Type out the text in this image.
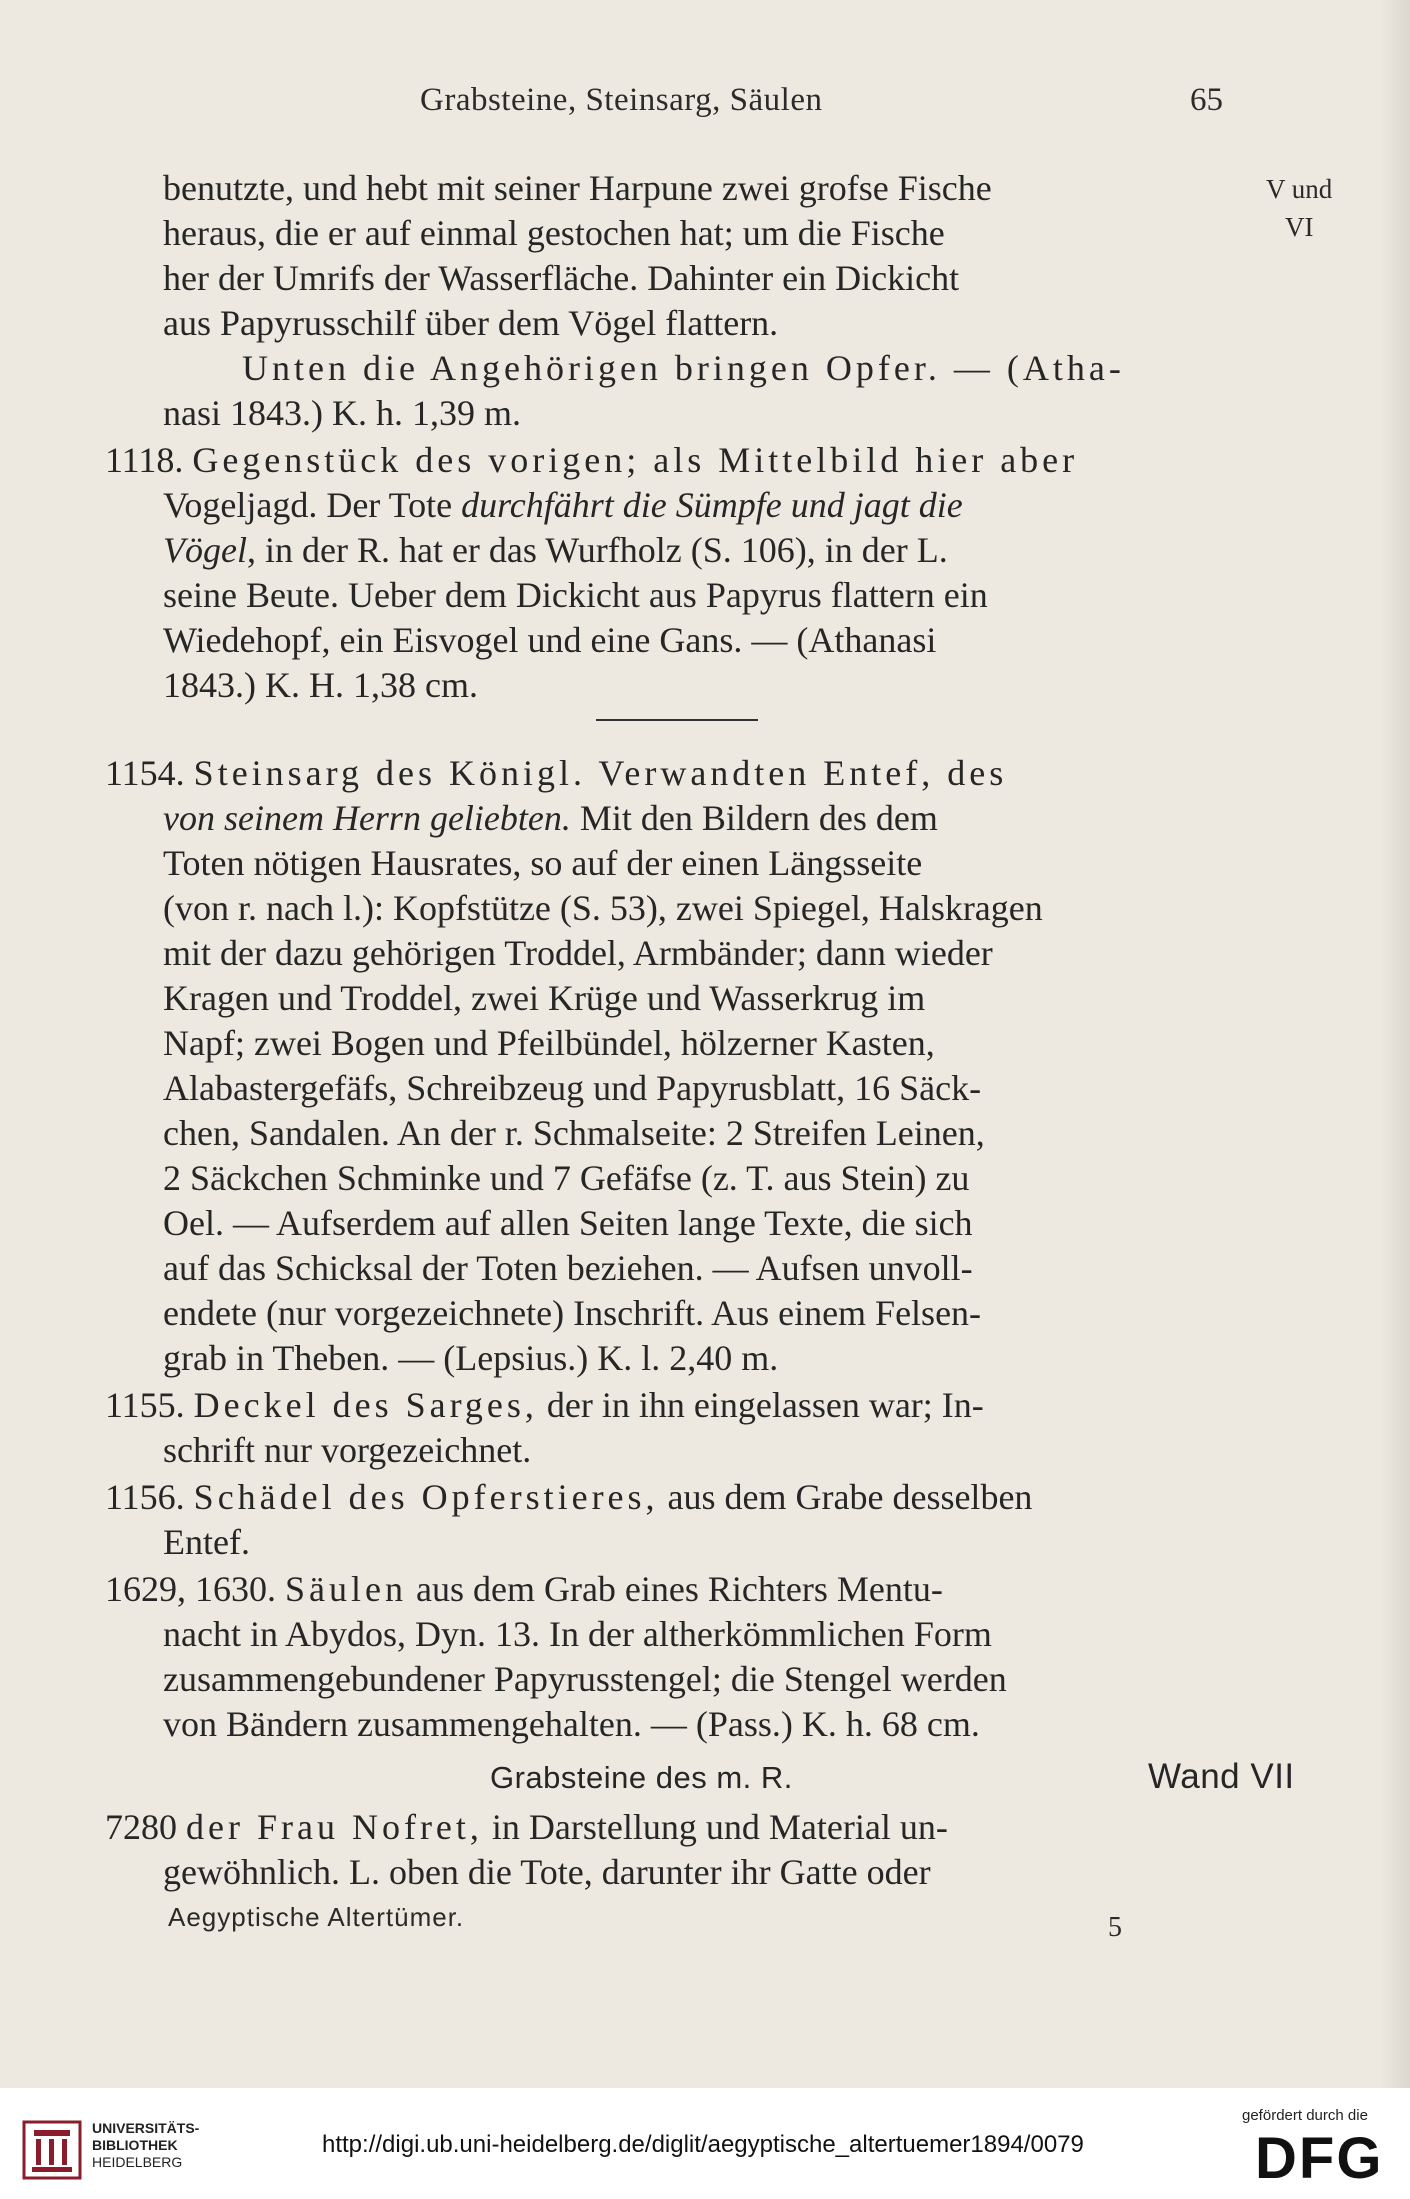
Grabsteine, Steinsarg, Säulen	65
V und
VI
benutzte, und hebt mit seiner Harpune zwei grofse Fische
heraus, die er auf einmal gestochen hat; um die Fische
her der Umrifs der Wasserfläche. Dahinter ein Dickicht
aus Papyrusschilf über dem Vögel flattern.
Unten die Angehörigen bringen Opfer. — (Atha-
nasi 1843.) K. h. 1,39 m.
1118. Gegenstück des vorigen; als Mittelbild hier aber
Vogeljagd. Der Tote durchfährt die Sümpfe und jagt die
Vögel, in der R. hat er das Wurfholz (S. 106), in der L.
seine Beute. Ueber dem Dickicht aus Papyrus flattern ein
Wiedehopf, ein Eisvogel und eine Gans. — (Athanasi
1843.) K. H. 1,38 cm.
1154. Steinsarg des Königl. Verwandten Entef, des
von seinem Herrn geliebten. Mit den Bildern des dem
Toten nötigen Hausrates, so auf der einen Längsseite
(von r. nach l.): Kopfstütze (S. 53), zwei Spiegel, Halskragen
mit der dazu gehörigen Troddel, Armbänder; dann wieder
Kragen und Troddel, zwei Krüge und Wasserkrug im
Napf; zwei Bogen und Pfeilbündel, hölzerner Kasten,
Alabastergefäfs, Schreibzeug und Papyrusblatt, 16 Säck-
chen, Sandalen. An der r. Schmalseite: 2 Streifen Leinen,
2 Säckchen Schminke und 7 Gefäfse (z. T. aus Stein) zu
Oel. — Aufserdem auf allen Seiten lange Texte, die sich
auf das Schicksal der Toten beziehen. — Aufsen unvoll-
endete (nur vorgezeichnete) Inschrift. Aus einem Felsen-
grab in Theben. — (Lepsius.) K. l. 2,40 m.
1155. Deckel des Sarges, der in ihn eingelassen war; In-
schrift nur vorgezeichnet.
1156. Schädel des Opferstieres, aus dem Grabe desselben
Entef.
1629, 1630. Säulen aus dem Grab eines Richters Mentu-
nacht in Abydos, Dyn. 13. In der altherkömmlichen Form
zusammengebundener Papyrusstengel; die Stengel werden
von Bändern zusammengehalten. — (Pass.) K. h. 68 cm.
Grabsteine des m. R.	Wand VII
7280 der Frau Nofret, in Darstellung und Material un-
gewöhnlich. L. oben die Tote, darunter ihr Gatte oder
Aegyptische Altertümer.	5
UNIVERSITÄTS-
BIBLIOTHEK
HEIDELBERG
http://digi.ub.uni-heidelberg.de/diglit/aegyptische_altertuemer1894/0079
gefördert durch die
DFG
